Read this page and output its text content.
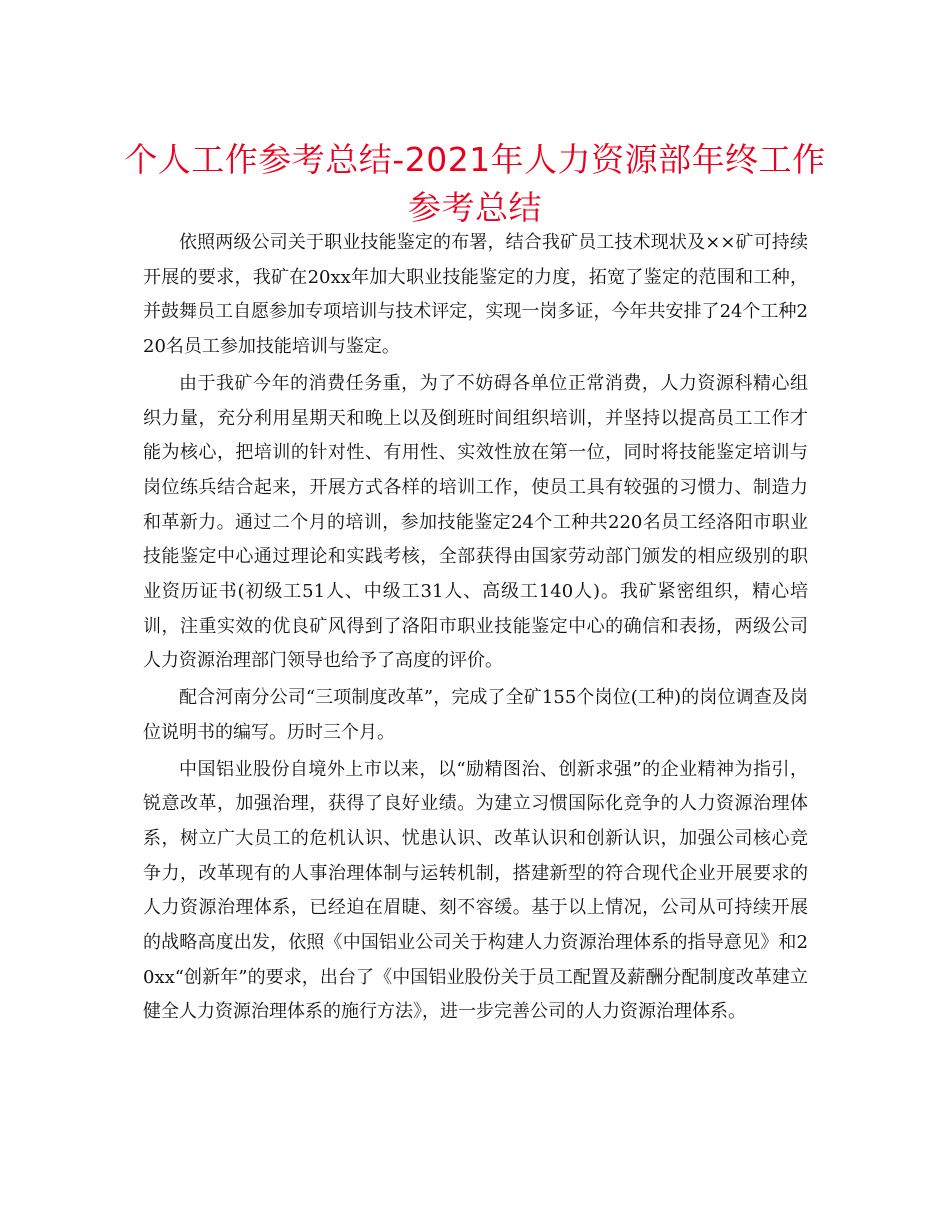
个人工作参考总结-2021年人力资源部年终工作参考总结

依照两级公司关于职业技能鉴定的布署，结合我矿员工技术现状及××矿可持续开展的要求，我矿在20xx年加大职业技能鉴定的力度，拓宽了鉴定的范围和工种，并鼓舞员工自愿参加专项培训与技术评定，实现一岗多证，今年共安排了24个工种220名员工参加技能培训与鉴定。

由于我矿今年的消费任务重，为了不妨碍各单位正常消费，人力资源科精心组织力量，充分利用星期天和晚上以及倒班时间组织培训，并坚持以提高员工工作才能为核心，把培训的针对性、有用性、实效性放在第一位，同时将技能鉴定培训与岗位练兵结合起来，开展方式各样的培训工作，使员工具有较强的习惯力、制造力和革新力。通过二个月的培训，参加技能鉴定24个工种共220名员工经洛阳市职业技能鉴定中心通过理论和实践考核，全部获得由国家劳动部门颁发的相应级别的职业资历证书(初级工51人、中级工31人、高级工140人)。我矿紧密组织，精心培训，注重实效的优良矿风得到了洛阳市职业技能鉴定中心的确信和表扬，两级公司人力资源治理部门领导也给予了高度的评价。

配合河南分公司“三项制度改革”，完成了全矿155个岗位(工种)的岗位调查及岗位说明书的编写。历时三个月。

中国铝业股份自境外上市以来，以“励精图治、创新求强”的企业精神为指引，锐意改革，加强治理，获得了良好业绩。为建立习惯国际化竞争的人力资源治理体系，树立广大员工的危机认识、忧患认识、改革认识和创新认识，加强公司核心竞争力，改革现有的人事治理体制与运转机制，搭建新型的符合现代企业开展要求的人力资源治理体系，已经迫在眉睫、刻不容缓。基于以上情况，公司从可持续开展的战略高度出发，依照《中国铝业公司关于构建人力资源治理体系的指导意见》和20xx“创新年”的要求，出台了《中国铝业股份关于员工配置及薪酬分配制度改革建立健全人力资源治理体系的施行方法》，进一步完善公司的人力资源治理体系。
